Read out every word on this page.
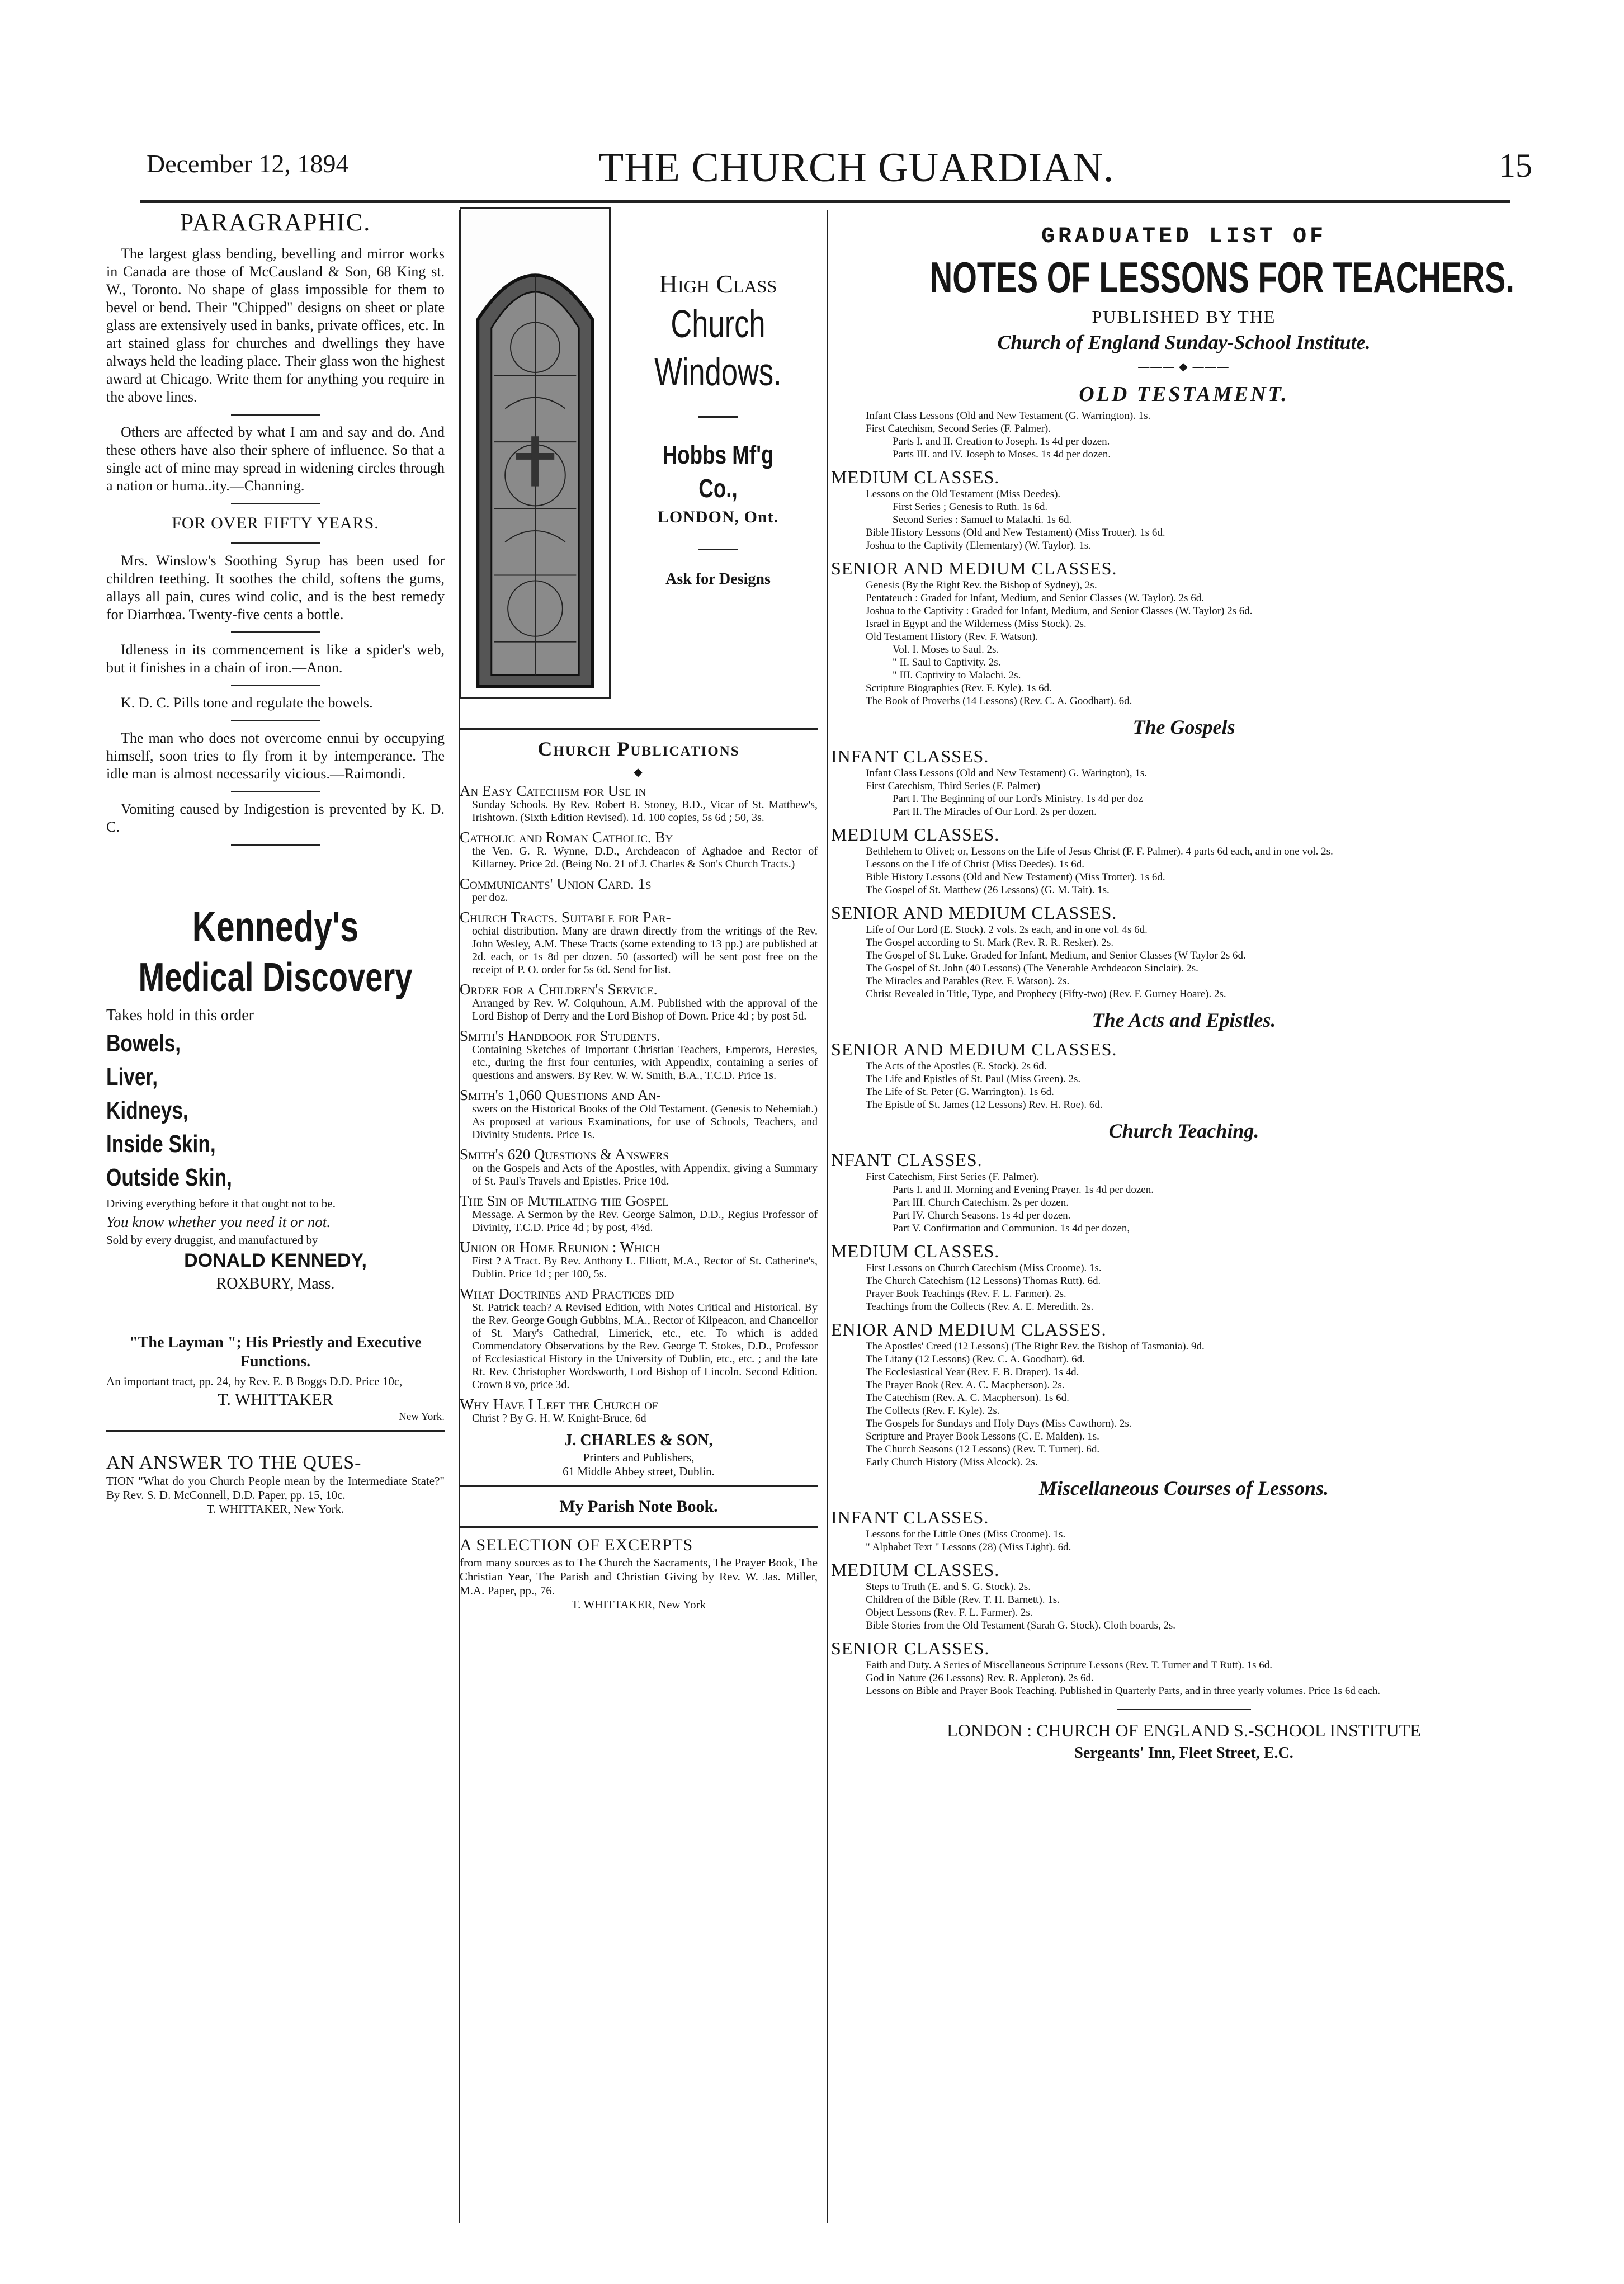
December 12, 1894	THE CHURCH GUARDIAN.	15
PARAGRAPHIC.

The largest glass bending, bevelling and mirror works in Canada are those of McCausland & Son, 68 King st. W., Toronto. No shape of glass impossible for them to bevel or bend. Their "Chipped" designs on sheet or plate glass are extensively used in banks, private offices, etc. In art stained glass for churches and dwellings they have always held the leading place. Their glass won the highest award at Chicago. Write them for anything you require in the above lines.

Others are affected by what I am and say and do. And these others have also their sphere of influence. So that a single act of mine may spread in widening circles through a nation or huma..ity.—Channing.

FOR OVER FIFTY YEARS.

Mrs. Winslow's Soothing Syrup has been used for children teething. It soothes the child, softens the gums, allays all pain, cures wind colic, and is the best remedy for Diarrhœa. Twenty-five cents a bottle.

Idleness in its commencement is like a spider's web, but it finishes in a chain of iron.—Anon.

K. D. C. Pills tone and regulate the bowels.

The man who does not overcome ennui by occupying himself, soon tries to fly from it by intemperance. The idle man is almost necessarily vicious.—Raimondi.

Vomiting caused by Indigestion is prevented by K. D. C.

Kennedy's
Medical Discovery
Takes hold in this order
Bowels,
Liver,
Kidneys,
Inside Skin,
Outside Skin,
Driving everything before it that ought not to be.
You know whether you need it or not.
Sold by every druggist, and manufactured by
DONALD KENNEDY,
ROXBURY, Mass.
"The Layman "; His Priestly and Executive Functions.
An important tract, pp. 24, by Rev. E. B Boggs D.D. Price 10c,
T. WHITTAKER
New York.
AN ANSWER TO THE QUES-
TION "What do you Church People mean by the Intermediate State?" By Rev. S. D. McConnell, D.D. Paper, pp. 15, 10c.
T. WHITTAKER, New York.
High Class
Church
Windows.
Hobbs Mf'g Co.,
LONDON, Ont.
Ask for Designs
Church Publications
— ◆ —
An Easy Catechism for Use in
Sunday Schools. By Rev. Robert B. Stoney, B.D., Vicar of St. Matthew's, Irishtown. (Sixth Edition Revised). 1d. 100 copies, 5s 6d ; 50, 3s.
Catholic and Roman Catholic. By
the Ven. G. R. Wynne, D.D., Archdeacon of Aghadoe and Rector of Killarney. Price 2d. (Being No. 21 of J. Charles & Son's Church Tracts.)
Communicants' Union Card. 1s
per doz.
Church Tracts. Suitable for Par-
ochial distribution. Many are drawn directly from the writings of the Rev. John Wesley, A.M. These Tracts (some extending to 13 pp.) are published at 2d. each, or 1s 8d per dozen. 50 (assorted) will be sent post free on the receipt of P. O. order for 5s 6d. Send for list.
Order for a Children's Service.
Arranged by Rev. W. Colquhoun, A.M. Published with the approval of the Lord Bishop of Derry and the Lord Bishop of Down. Price 4d ; by post 5d.
Smith's Handbook for Students.
Containing Sketches of Important Christian Teachers, Emperors, Heresies, etc., during the first four centuries, with Appendix, containing a series of questions and answers. By Rev. W. W. Smith, B.A., T.C.D. Price 1s.
Smith's 1,060 Questions and An-
swers on the Historical Books of the Old Testament. (Genesis to Nehemiah.) As proposed at various Examinations, for use of Schools, Teachers, and Divinity Students. Price 1s.
Smith's 620 Questions & Answers
on the Gospels and Acts of the Apostles, with Appendix, giving a Summary of St. Paul's Travels and Epistles. Price 10d.
The Sin of Mutilating the Gospel
Message. A Sermon by the Rev. George Salmon, D.D., Regius Professor of Divinity, T.C.D. Price 4d ; by post, 4½d.
Union or Home Reunion : Which
First ? A Tract. By Rev. Anthony L. Elliott, M.A., Rector of St. Catherine's, Dublin. Price 1d ; per 100, 5s.
What Doctrines and Practices did
St. Patrick teach? A Revised Edition, with Notes Critical and Historical. By the Rev. George Gough Gubbins, M.A., Rector of Kilpeacon, and Chancellor of St. Mary's Cathedral, Limerick, etc., etc. To which is added Commendatory Observations by the Rev. George T. Stokes, D.D., Professor of Ecclesiastical History in the University of Dublin, etc., etc. ; and the late Rt. Rev. Christopher Wordsworth, Lord Bishop of Lincoln. Second Edition. Crown 8 vo, price 3d.
Why Have I Left the Church of
Christ ? By G. H. W. Knight-Bruce, 6d
J. CHARLES & SON,
Printers and Publishers,
61 Middle Abbey street, Dublin.
My Parish Note Book.
A SELECTION OF EXCERPTS
from many sources as to The Church the Sacraments, The Prayer Book, The Christian Year, The Parish and Christian Giving by Rev. W. Jas. Miller, M.A. Paper, pp., 76.
T. WHITTAKER, New York
GRADUATED LIST OF
NOTES OF LESSONS FOR TEACHERS.
PUBLISHED BY THE
Church of England Sunday-School Institute.
——— ◆ ———
OLD TESTAMENT.
Infant Class Lessons (Old and New Testament (G. Warrington). 1s.
First Catechism, Second Series (F. Palmer).
Parts I. and II. Creation to Joseph. 1s 4d per dozen.
Parts III. and IV. Joseph to Moses. 1s 4d per dozen.
MEDIUM CLASSES.
Lessons on the Old Testament (Miss Deedes).
First Series ; Genesis to Ruth. 1s 6d.
Second Series : Samuel to Malachi. 1s 6d.
Bible History Lessons (Old and New Testament) (Miss Trotter). 1s 6d.
Joshua to the Captivity (Elementary) (W. Taylor). 1s.
SENIOR AND MEDIUM CLASSES.
Genesis (By the Right Rev. the Bishop of Sydney), 2s.
Pentateuch : Graded for Infant, Medium, and Senior Classes (W. Taylor). 2s 6d.
Joshua to the Captivity : Graded for Infant, Medium, and Senior Classes (W. Taylor) 2s 6d.
Israel in Egypt and the Wilderness (Miss Stock). 2s.
Old Testament History (Rev. F. Watson).
Vol. I. Moses to Saul. 2s.
" II. Saul to Captivity. 2s.
" III. Captivity to Malachi. 2s.
Scripture Biographies (Rev. F. Kyle). 1s 6d.
The Book of Proverbs (14 Lessons) (Rev. C. A. Goodhart). 6d.
The Gospels
INFANT CLASSES.
Infant Class Lessons (Old and New Testament) G. Warington), 1s.
First Catechism, Third Series (F. Palmer)
Part I. The Beginning of our Lord's Ministry. 1s 4d per doz
Part II. The Miracles of Our Lord. 2s per dozen.
MEDIUM CLASSES.
Bethlehem to Olivet; or, Lessons on the Life of Jesus Christ (F. F. Palmer). 4 parts 6d each, and in one vol. 2s.
Lessons on the Life of Christ (Miss Deedes). 1s 6d.
Bible History Lessons (Old and New Testament) (Miss Trotter). 1s 6d.
The Gospel of St. Matthew (26 Lessons) (G. M. Tait). 1s.
SENIOR AND MEDIUM CLASSES.
Life of Our Lord (E. Stock). 2 vols. 2s each, and in one vol. 4s 6d.
The Gospel according to St. Mark (Rev. R. R. Resker). 2s.
The Gospel of St. Luke. Graded for Infant, Medium, and Senior Classes (W Taylor 2s 6d.
The Gospel of St. John (40 Lessons) (The Venerable Archdeacon Sinclair). 2s.
The Miracles and Parables (Rev. F. Watson). 2s.
Christ Revealed in Title, Type, and Prophecy (Fifty-two) (Rev. F. Gurney Hoare). 2s.
The Acts and Epistles.
SENIOR AND MEDIUM CLASSES.
The Acts of the Apostles (E. Stock). 2s 6d.
The Life and Epistles of St. Paul (Miss Green). 2s.
The Life of St. Peter (G. Warrington). 1s 6d.
The Epistle of St. James (12 Lessons) Rev. H. Roe). 6d.
Church Teaching.
NFANT CLASSES.
First Catechism, First Series (F. Palmer).
Parts I. and II. Morning and Evening Prayer. 1s 4d per dozen.
Part III. Church Catechism. 2s per dozen.
Part IV. Church Seasons. 1s 4d per dozen.
Part V. Confirmation and Communion. 1s 4d per dozen,
MEDIUM CLASSES.
First Lessons on Church Catechism (Miss Croome). 1s.
The Church Catechism (12 Lessons) Thomas Rutt). 6d.
Prayer Book Teachings (Rev. F. L. Farmer). 2s.
Teachings from the Collects (Rev. A. E. Meredith. 2s.
ENIOR AND MEDIUM CLASSES.
The Apostles' Creed (12 Lessons) (The Right Rev. the Bishop of Tasmania). 9d.
The Litany (12 Lessons) (Rev. C. A. Goodhart). 6d.
The Ecclesiastical Year (Rev. F. B. Draper). 1s 4d.
The Prayer Book (Rev. A. C. Macpherson). 2s.
The Catechism (Rev. A. C. Macpherson). 1s 6d.
The Collects (Rev. F. Kyle). 2s.
The Gospels for Sundays and Holy Days (Miss Cawthorn). 2s.
Scripture and Prayer Book Lessons (C. E. Malden). 1s.
The Church Seasons (12 Lessons) (Rev. T. Turner). 6d.
Early Church History (Miss Alcock). 2s.
Miscellaneous Courses of Lessons.
INFANT CLASSES.
Lessons for the Little Ones (Miss Croome). 1s.
" Alphabet Text " Lessons (28) (Miss Light). 6d.
MEDIUM CLASSES.
Steps to Truth (E. and S. G. Stock). 2s.
Children of the Bible (Rev. T. H. Barnett). 1s.
Object Lessons (Rev. F. L. Farmer). 2s.
Bible Stories from the Old Testament (Sarah G. Stock). Cloth boards, 2s.
SENIOR CLASSES.
Faith and Duty. A Series of Miscellaneous Scripture Lessons (Rev. T. Turner and T Rutt). 1s 6d.
God in Nature (26 Lessons) Rev. R. Appleton). 2s 6d.
Lessons on Bible and Prayer Book Teaching. Published in Quarterly Parts, and in three yearly volumes. Price 1s 6d each.
LONDON : CHURCH OF ENGLAND S.-SCHOOL INSTITUTE
Sergeants' Inn, Fleet Street, E.C.
